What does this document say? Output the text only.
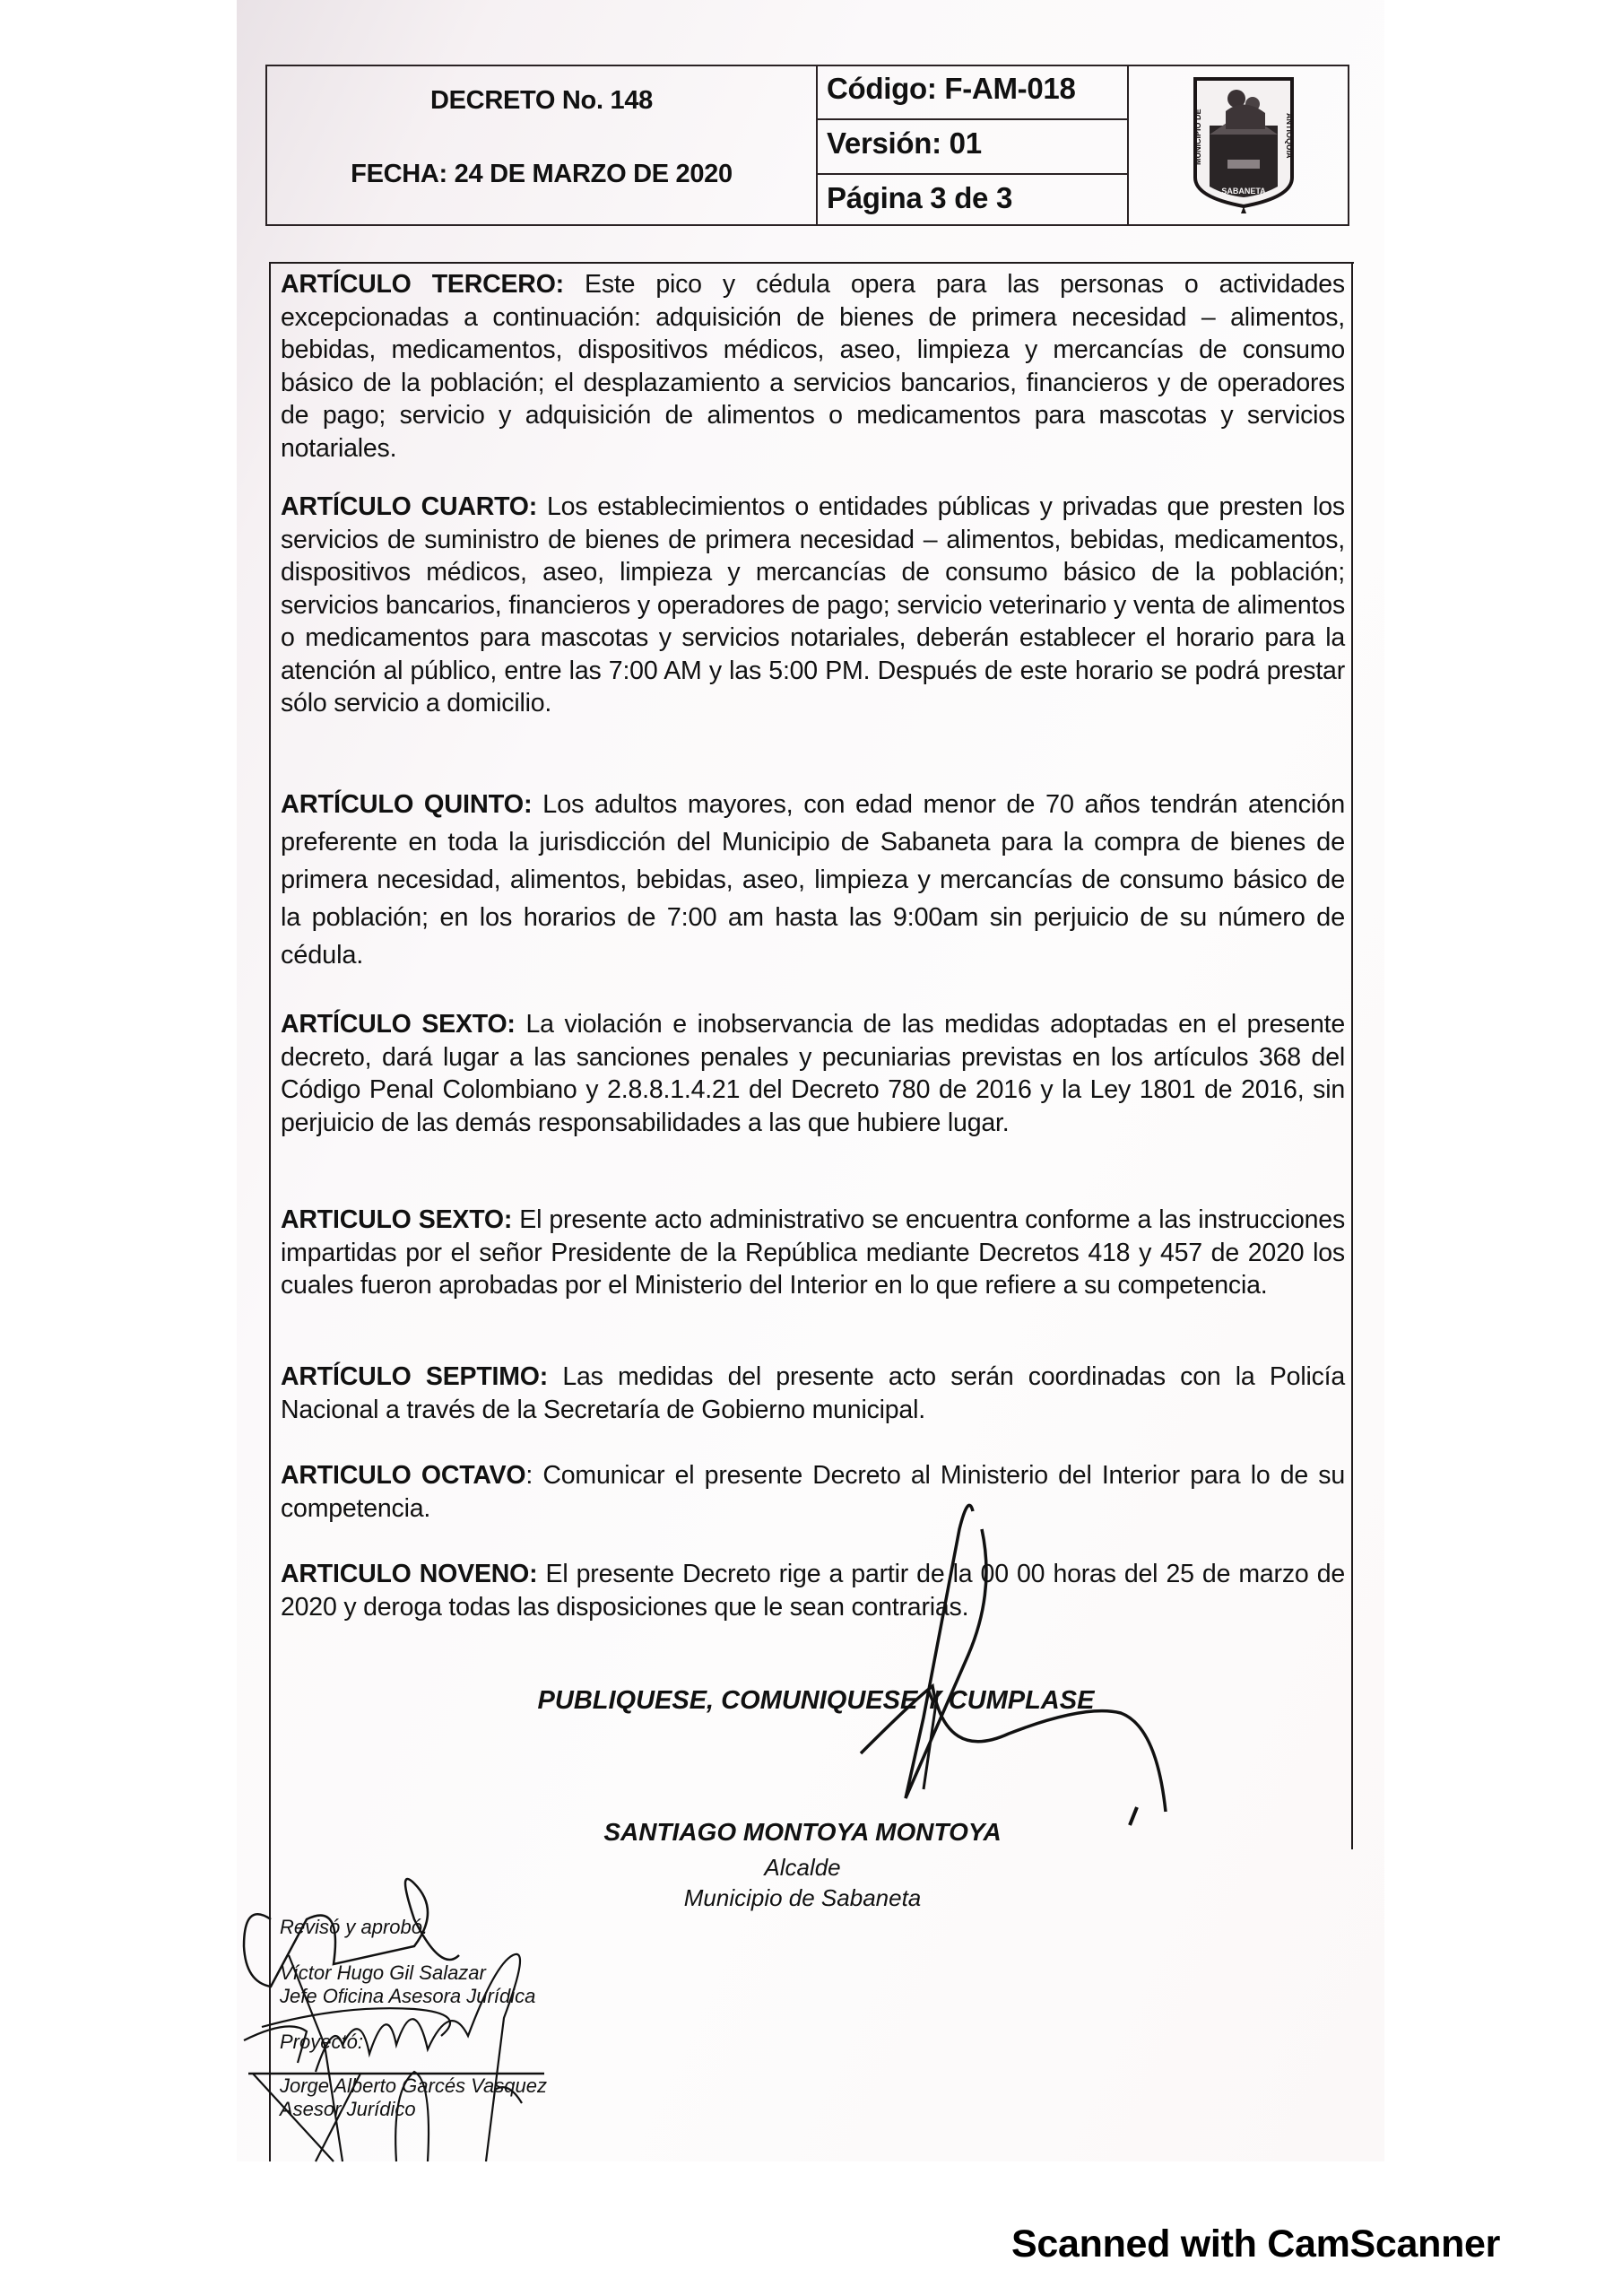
DECRETO No. 148
FECHA: 24 DE MARZO DE 2020
Código: F-AM-018
Versión: 01
Página 3 de 3
MUNICIPIO DE	ANTIOQUIA
SABANETA
ARTÍCULO TERCERO: Este pico y cédula opera para las personas o actividades excepcionadas a continuación: adquisición de bienes de primera necesidad – alimentos, bebidas, medicamentos, dispositivos médicos, aseo, limpieza y mercancías de consumo básico de la población; el desplazamiento a servicios bancarios, financieros y de operadores de pago; servicio y adquisición de alimentos o medicamentos para mascotas y servicios notariales.
ARTÍCULO CUARTO: Los establecimientos o entidades públicas y privadas que presten los servicios de suministro de bienes de primera necesidad – alimentos, bebidas, medicamentos, dispositivos médicos, aseo, limpieza y mercancías de consumo básico de la población; servicios bancarios, financieros y operadores de pago; servicio veterinario y venta de alimentos o medicamentos para mascotas y servicios notariales, deberán establecer el horario para la atención al público, entre las 7:00 AM y las 5:00 PM. Después de este horario se podrá prestar sólo servicio a domicilio.
ARTÍCULO QUINTO: Los adultos mayores, con edad menor de 70 años tendrán atención preferente en toda la jurisdicción del Municipio de Sabaneta para la compra de bienes de primera necesidad, alimentos, bebidas, aseo, limpieza y mercancías de consumo básico de la población; en los horarios de 7:00 am hasta las 9:00am sin perjuicio de su número de cédula.
ARTÍCULO SEXTO: La violación e inobservancia de las medidas adoptadas en el presente decreto, dará lugar a las sanciones penales y pecuniarias previstas en los artículos 368 del Código Penal Colombiano y 2.8.8.1.4.21 del Decreto 780 de 2016 y la Ley 1801 de 2016, sin perjuicio de las demás responsabilidades a las que hubiere lugar.
ARTICULO SEXTO: El presente acto administrativo se encuentra conforme a las instrucciones impartidas por el señor Presidente de la República mediante Decretos 418 y 457 de 2020 los cuales fueron aprobadas por el Ministerio del Interior en lo que refiere a su competencia.
ARTÍCULO SEPTIMO: Las medidas del presente acto serán coordinadas con la Policía Nacional a través de la Secretaría de Gobierno municipal.
ARTICULO OCTAVO: Comunicar el presente Decreto al Ministerio del Interior para lo de su competencia.
ARTICULO NOVENO: El presente Decreto rige a partir de la 00 00 horas del 25 de marzo de 2020 y deroga todas las disposiciones que le sean contrarias.
PUBLIQUESE, COMUNIQUESE Y CUMPLASE
SANTIAGO MONTOYA MONTOYA
Alcalde
Municipio de Sabaneta
Revisó y aprobó:
Víctor Hugo Gil Salazar
Jefe Oficina Asesora Jurídica
Proyectó:
Jorge Alberto Garcés Vasquez
Asesor Jurídico
Scanned with CamScanner
